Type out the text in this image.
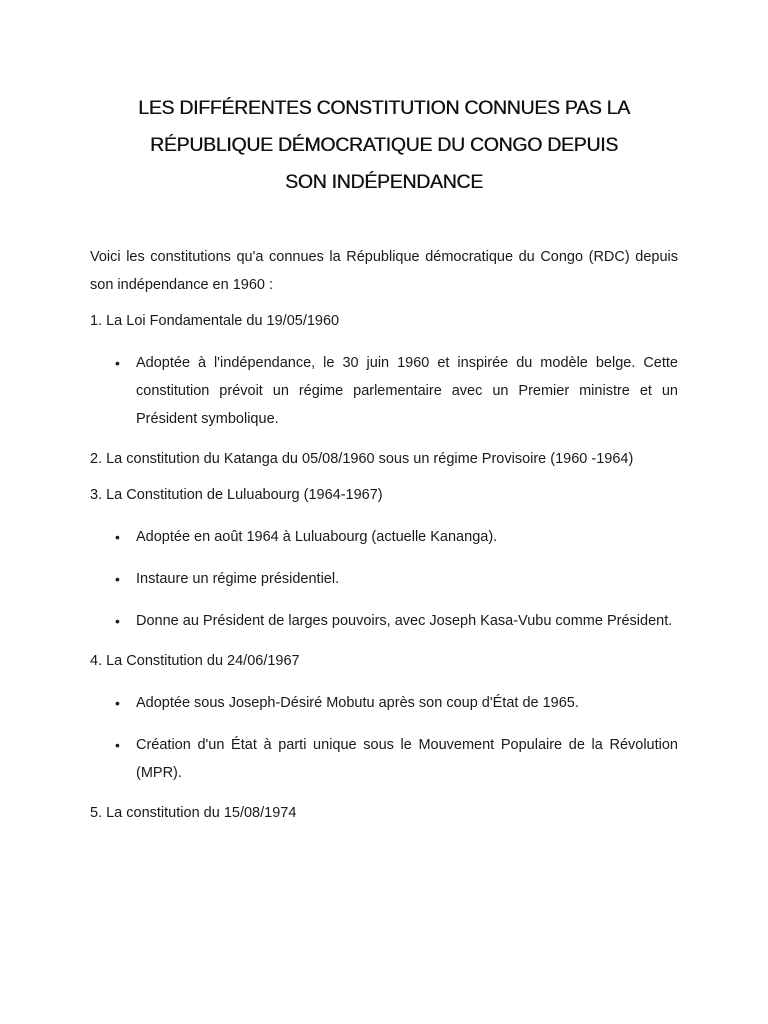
LES DIFFÉRENTES CONSTITUTION CONNUES PAS LA RÉPUBLIQUE DÉMOCRATIQUE DU CONGO DEPUIS SON INDÉPENDANCE

Voici les constitutions qu'a connues la République démocratique du Congo (RDC) depuis son indépendance en 1960 :

1. La Loi Fondamentale du 19/05/1960

• Adoptée à l'indépendance, le 30 juin 1960 et inspirée du modèle belge. Cette constitution prévoit un régime parlementaire avec un Premier ministre et un Président symbolique.

2. La constitution du Katanga du 05/08/1960 sous un régime Provisoire (1960 -1964)

3. La Constitution de Luluabourg (1964-1967)

• Adoptée en août 1964 à Luluabourg (actuelle Kananga).
• Instaure un régime présidentiel.
• Donne au Président de larges pouvoirs, avec Joseph Kasa-Vubu comme Président.

4. La Constitution du 24/06/1967

• Adoptée sous Joseph-Désiré Mobutu après son coup d'État de 1965.
• Création d'un État à parti unique sous le Mouvement Populaire de la Révolution (MPR).

5. La constitution du 15/08/1974
